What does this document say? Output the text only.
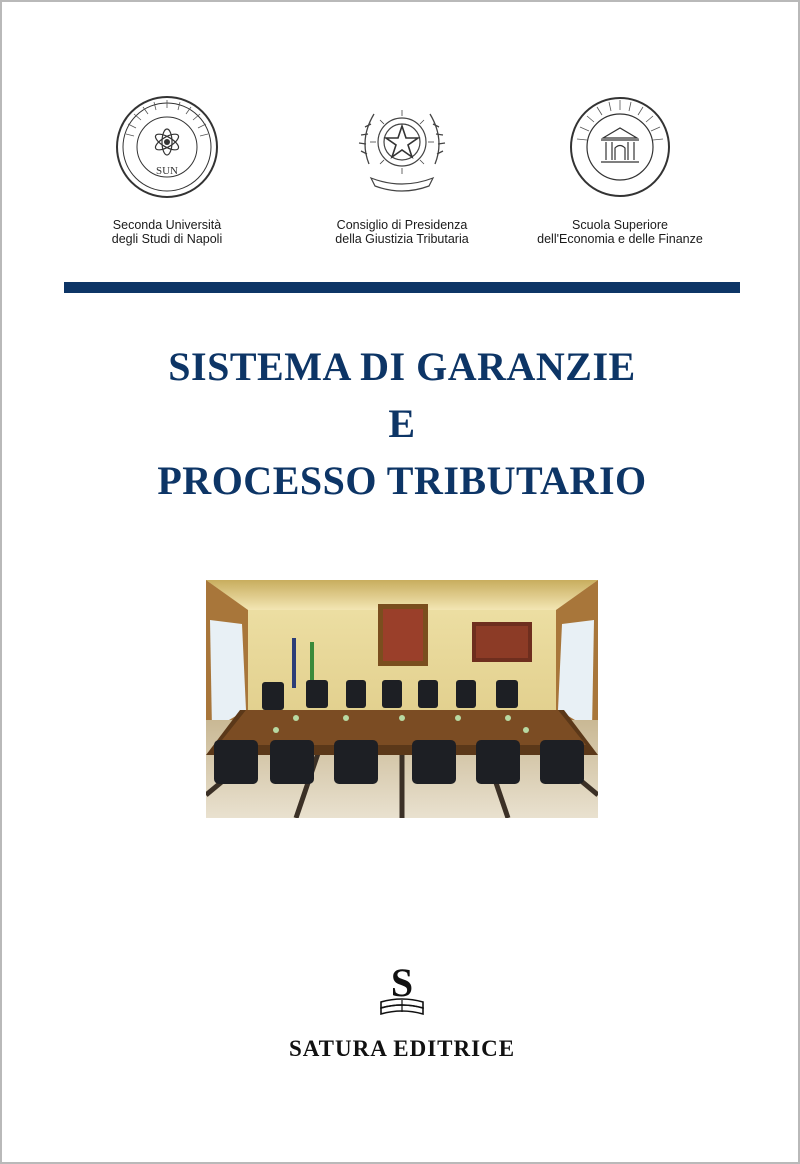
SUN
Seconda Università
degli Studi di Napoli
Consiglio di Presidenza
della Giustizia Tributaria
Scuola Superiore
dell'Economia e delle Finanze
SISTEMA DI GARANZIE
E
PROCESSO TRIBUTARIO
S
SATURA EDITRICE
